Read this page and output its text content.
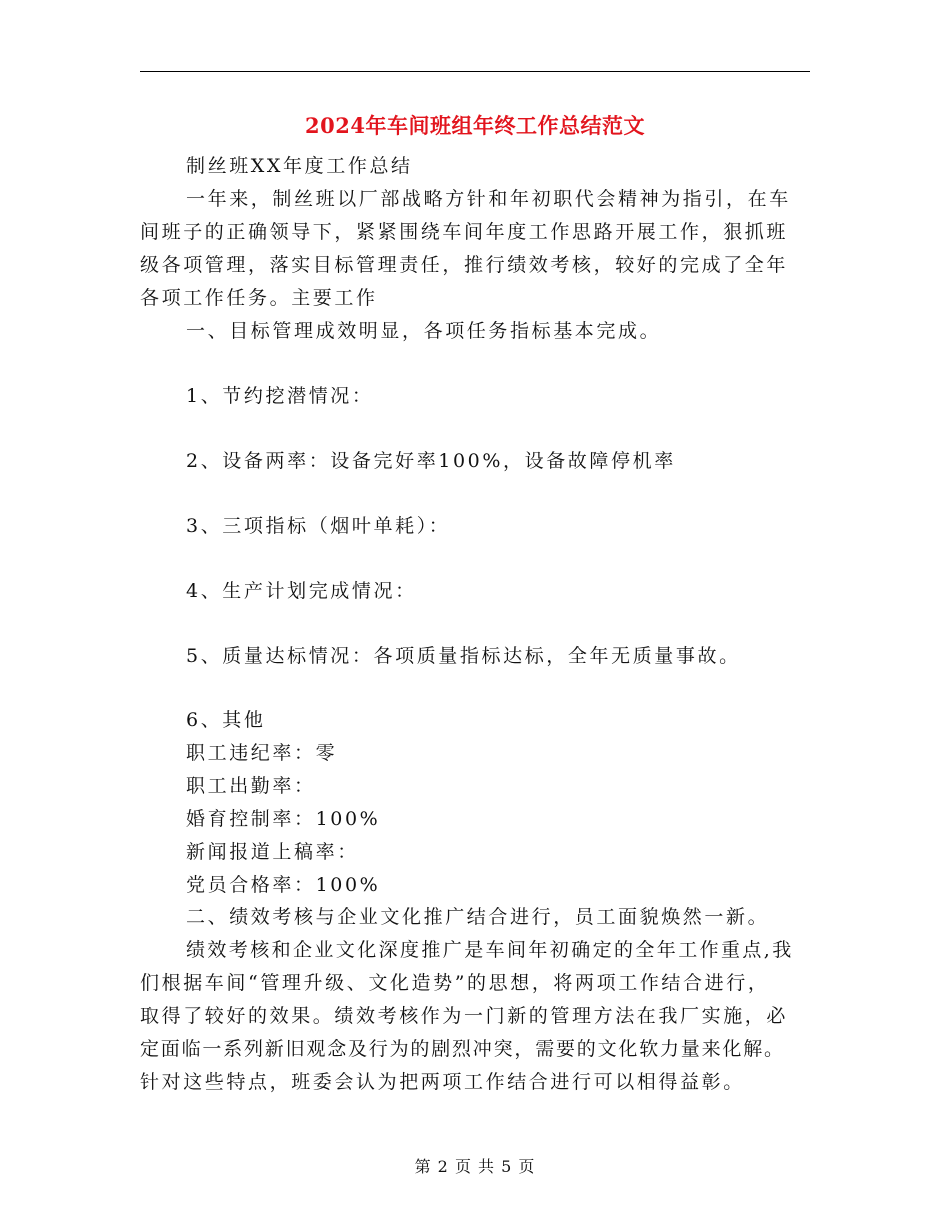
2024年车间班组年终工作总结范文
制丝班XX年度工作总结
一年来，制丝班以厂部战略方针和年初职代会精神为指引，在车
间班子的正确领导下，紧紧围绕车间年度工作思路开展工作，狠抓班
级各项管理，落实目标管理责任，推行绩效考核，较好的完成了全年
各项工作任务。主要工作
一、目标管理成效明显，各项任务指标基本完成。
1、节约挖潜情况：
2、设备两率：设备完好率100%，设备故障停机率
3、三项指标（烟叶单耗）：
4、生产计划完成情况：
5、质量达标情况：各项质量指标达标，全年无质量事故。
6、其他
职工违纪率：零
职工出勤率：
婚育控制率：100%
新闻报道上稿率：
党员合格率：100%
二、绩效考核与企业文化推广结合进行，员工面貌焕然一新。
绩效考核和企业文化深度推广是车间年初确定的全年工作重点,我
们根据车间“管理升级、文化造势”的思想，将两项工作结合进行，
取得了较好的效果。绩效考核作为一门新的管理方法在我厂实施，必
定面临一系列新旧观念及行为的剧烈冲突，需要的文化软力量来化解。
针对这些特点，班委会认为把两项工作结合进行可以相得益彰。
第 2 页 共 5 页
